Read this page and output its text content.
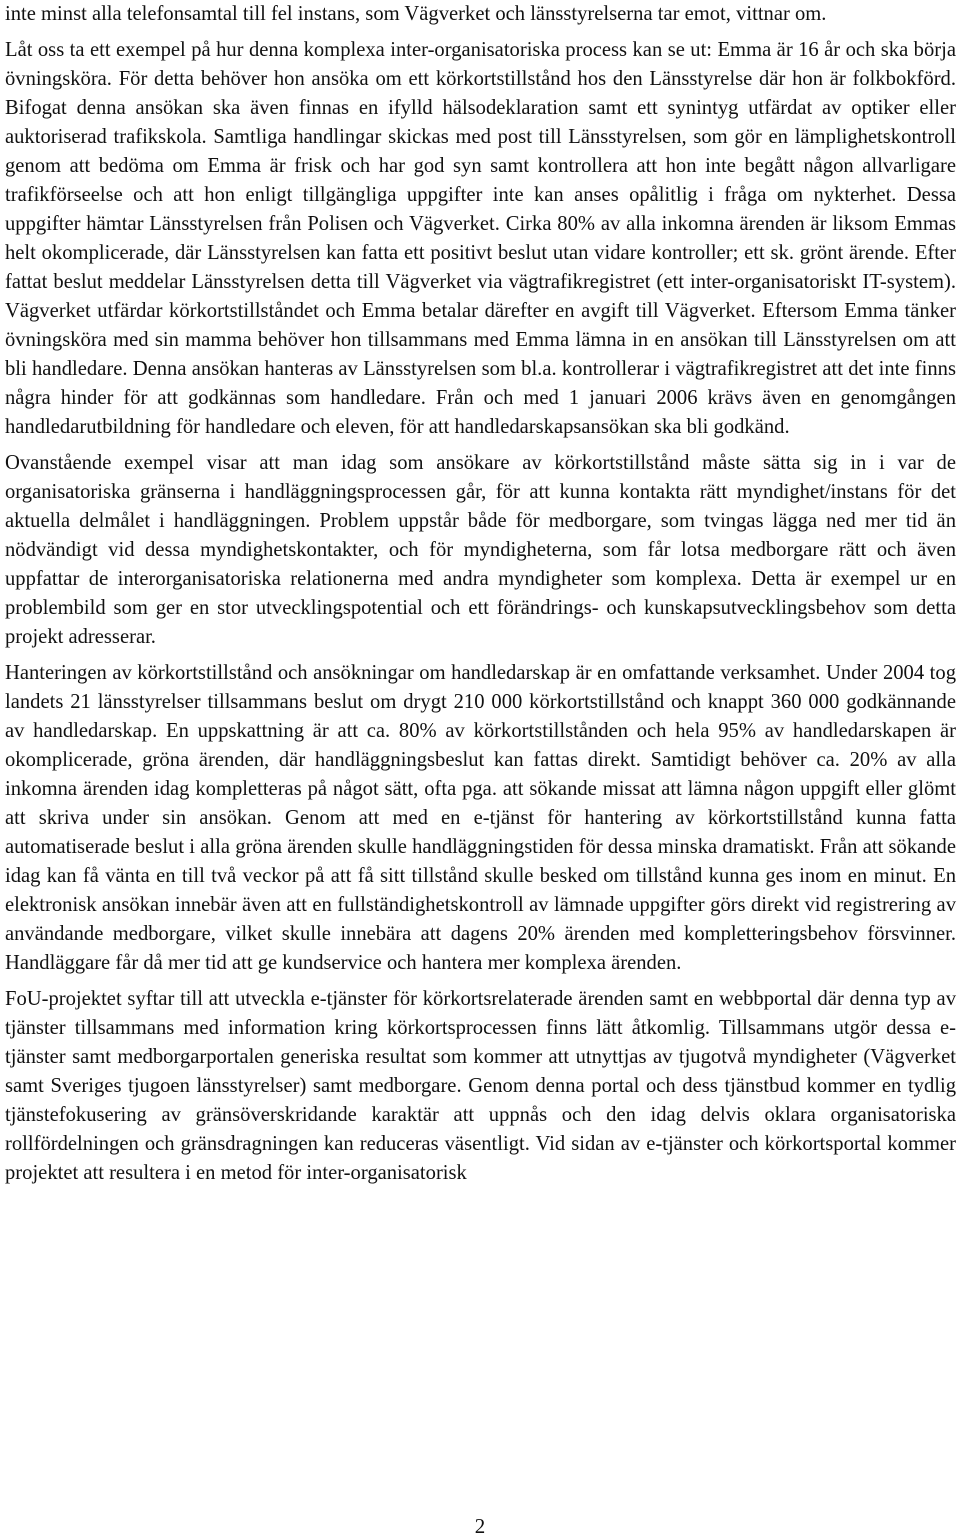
inte minst alla telefonsamtal till fel instans, som Vägverket och länsstyrelserna tar emot, vittnar om.

Låt oss ta ett exempel på hur denna komplexa inter-organisatoriska process kan se ut: Emma är 16 år och ska börja övningsköra. För detta behöver hon ansöka om ett körkortstillstånd hos den Länsstyrelse där hon är folkbokförd. Bifogat denna ansökan ska även finnas en ifylld hälsodeklaration samt ett synintyg utfärdat av optiker eller auktoriserad trafikskola. Samtliga handlingar skickas med post till Länsstyrelsen, som gör en lämplighetskontroll genom att bedöma om Emma är frisk och har god syn samt kontrollera att hon inte begått någon allvarligare trafikförseelse och att hon enligt tillgängliga uppgifter inte kan anses opålitlig i fråga om nykterhet. Dessa uppgifter hämtar Länsstyrelsen från Polisen och Vägverket. Cirka 80% av alla inkomna ärenden är liksom Emmas helt okomplicerade, där Länsstyrelsen kan fatta ett positivt beslut utan vidare kontroller; ett sk. grönt ärende. Efter fattat beslut meddelar Länsstyrelsen detta till Vägverket via vägtrafikregistret (ett inter-organisatoriskt IT-system). Vägverket utfärdar körkortstillståndet och Emma betalar därefter en avgift till Vägverket. Eftersom Emma tänker övningsköra med sin mamma behöver hon tillsammans med Emma lämna in en ansökan till Länsstyrelsen om att bli handledare. Denna ansökan hanteras av Länsstyrelsen som bl.a. kontrollerar i vägtrafikregistret att det inte finns några hinder för att godkännas som handledare. Från och med 1 januari 2006 krävs även en genomgången handledarutbildning för handledare och eleven, för att handledarskapsansökan ska bli godkänd.

Ovanstående exempel visar att man idag som ansökare av körkortstillstånd måste sätta sig in i var de organisatoriska gränserna i handläggningsprocessen går, för att kunna kontakta rätt myndighet/instans för det aktuella delmålet i handläggningen. Problem uppstår både för medborgare, som tvingas lägga ned mer tid än nödvändigt vid dessa myndighetskontakter, och för myndigheterna, som får lotsa medborgare rätt och även uppfattar de interorganisatoriska relationerna med andra myndigheter som komplexa. Detta är exempel ur en problembild som ger en stor utvecklingspotential och ett förändrings- och kunskapsutvecklingsbehov som detta projekt adresserar.

Hanteringen av körkortstillstånd och ansökningar om handledarskap är en omfattande verksamhet. Under 2004 tog landets 21 länsstyrelser tillsammans beslut om drygt 210 000 körkortstillstånd och knappt 360 000 godkännande av handledarskap. En uppskattning är att ca. 80% av körkortstillstånden och hela 95% av handledarskapen är okomplicerade, gröna ärenden, där handläggningsbeslut kan fattas direkt. Samtidigt behöver ca. 20% av alla inkomna ärenden idag kompletteras på något sätt, ofta pga. att sökande missat att lämna någon uppgift eller glömt att skriva under sin ansökan. Genom att med en e-tjänst för hantering av körkortstillstånd kunna fatta automatiserade beslut i alla gröna ärenden skulle handläggningstiden för dessa minska dramatiskt. Från att sökande idag kan få vänta en till två veckor på att få sitt tillstånd skulle besked om tillstånd kunna ges inom en minut. En elektronisk ansökan innebär även att en fullständighetskontroll av lämnade uppgifter görs direkt vid registrering av användande medborgare, vilket skulle innebära att dagens 20% ärenden med kompletteringsbehov försvinner. Handläggare får då mer tid att ge kundservice och hantera mer komplexa ärenden.

FoU-projektet syftar till att utveckla e-tjänster för körkortsrelaterade ärenden samt en webbportal där denna typ av tjänster tillsammans med information kring körkortsprocessen finns lätt åtkomlig. Tillsammans utgör dessa e-tjänster samt medborgarportalen generiska resultat som kommer att utnyttjas av tjugotvå myndigheter (Vägverket samt Sveriges tjugoen länsstyrelser) samt medborgare. Genom denna portal och dess tjänstbud kommer en tydlig tjänstefokusering av gränsöverskridande karaktär att uppnås och den idag delvis oklara organisatoriska rollfördelningen och gränsdragningen kan reduceras väsentligt. Vid sidan av e-tjänster och körkortsportal kommer projektet att resultera i en metod för inter-organisatorisk

2
